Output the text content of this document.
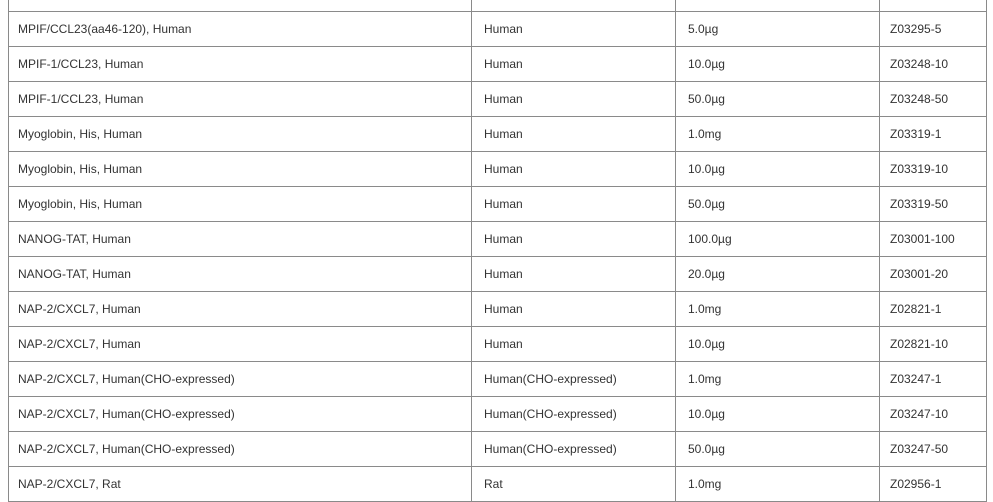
MPIF/CCL23(aa46-120), Human	Human	5.0µg	Z03295-5
MPIF-1/CCL23, Human	Human	10.0µg	Z03248-10
MPIF-1/CCL23, Human	Human	50.0µg	Z03248-50
Myoglobin, His, Human	Human	1.0mg	Z03319-1
Myoglobin, His, Human	Human	10.0µg	Z03319-10
Myoglobin, His, Human	Human	50.0µg	Z03319-50
NANOG-TAT, Human	Human	100.0µg	Z03001-100
NANOG-TAT, Human	Human	20.0µg	Z03001-20
NAP-2/CXCL7, Human	Human	1.0mg	Z02821-1
NAP-2/CXCL7, Human	Human	10.0µg	Z02821-10
NAP-2/CXCL7, Human(CHO-expressed)	Human(CHO-expressed)	1.0mg	Z03247-1
NAP-2/CXCL7, Human(CHO-expressed)	Human(CHO-expressed)	10.0µg	Z03247-10
NAP-2/CXCL7, Human(CHO-expressed)	Human(CHO-expressed)	50.0µg	Z03247-50
NAP-2/CXCL7, Rat	Rat	1.0mg	Z02956-1
